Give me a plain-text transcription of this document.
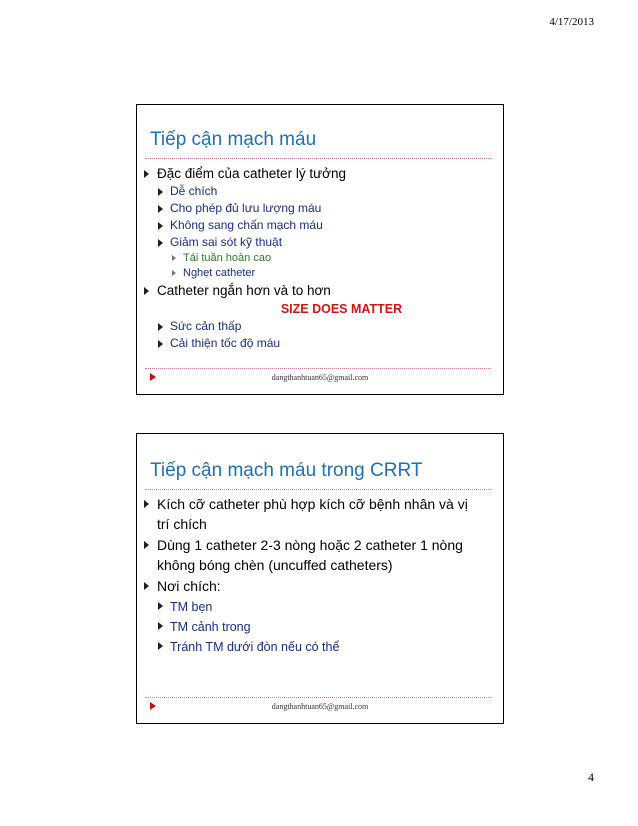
4/17/2013
Tiếp cận mạch máu
Đặc điểm của catheter lý tưởng
Dễ chích
Cho phép đủ lưu lượng máu
Không sang chấn mạch máu
Giảm sai sót kỹ thuật
Tái tuần hoàn cao
Nghẹt catheter
Catheter ngắn hơn và to hơn
SIZE DOES MATTER
Sức cản thấp
Cải thiện tốc độ máu
dangthanhtuan65@gmail.com
Tiếp cận mạch máu trong CRRT
Kích cỡ catheter phù hợp kích cỡ bệnh nhân và vị trí chích
Dùng 1 catheter 2-3 nòng hoặc 2 catheter 1 nòng không bóng chèn (uncuffed catheters)
Nơi chích:
TM bẹn
TM cảnh trong
Tránh TM dưới đòn nếu có thể
dangthanhtuan65@gmail.com
4
